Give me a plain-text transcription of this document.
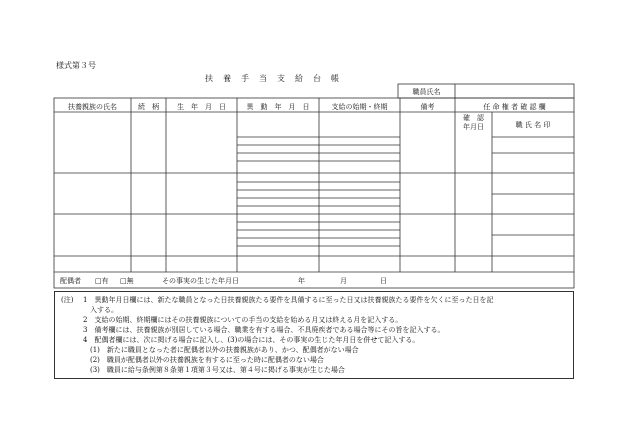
様式第３号
扶養手当支給台帳
職員氏名
扶養親族の氏名	続　柄	生　年　月　日	異　動　年　月　日	支給の始期・終期	備考	任 命 権 者 確 認 欄
確　認
年月日	職 氏 名 印
配偶者 □有 □無	その事実の生じた年月日	年	月	日
(注) 1　異動年月日欄には、新たな職員となった日扶養親族たる要件を具備するに至った日又は扶養親族たる要件を欠くに至った日を記
　入する。
2　支給の始期、終期欄にはその扶養親族についての手当の支給を始める月又は終える月を記入する。
3　備考欄には、扶養親族が別居している場合、職業を有する場合、不具廃疾者である場合等にその旨を記入する。
4　配偶者欄には、次に掲げる場合に記入し、(3)の場合には、その事実の生じた年月日を併せて記入する。
　(1)　新たに職員となった者に配偶者以外の扶養親族があり、かつ、配偶者がない場合
　(2)　職員が配偶者以外の扶養親族を有するに至った時に配偶者のない場合
　(3)　職員に給与条例第８条第１項第３号又は、第４号に掲げる事実が生じた場合
